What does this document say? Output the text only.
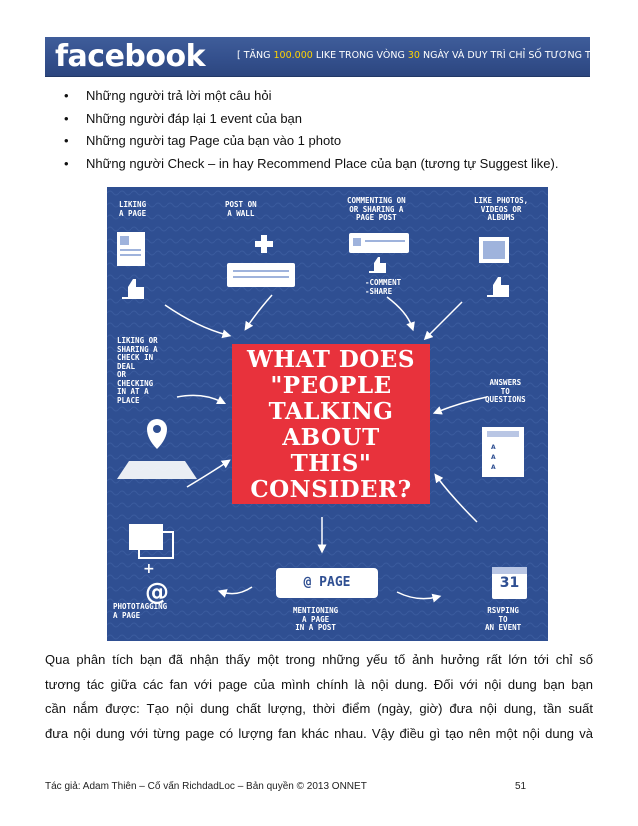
facebook	[ TĂNG 100.000 LIKE TRONG VÒNG 30 NGÀY VÀ DUY TRÌ CHỈ SỐ TƯƠNG TÁC CAO ]
• Những người trả lời một câu hỏi
• Những người đáp lại 1 event của bạn
• Những người tag Page của bạn vào 1 photo
• Những người Check – in hay Recommend Place của bạn (tương tự Suggest like).
A
A
A
@
+
LIKING
A PAGE
POST ON
A WALL
COMMENTING ON
OR SHARING A
PAGE POST
LIKE PHOTOS,
VIDEOS OR
ALBUMS
-COMMENT
-SHARE
LIKING OR
SHARING A
CHECK IN
DEAL
OR
CHECKING
IN AT A
PLACE
ANSWERS
TO
QUESTIONS
PHOTOTAGGING
A PAGE	MENTIONING
A PAGE
IN A POST
RSVPING
TO
AN EVENT
WHAT DOES
"PEOPLE
TALKING
ABOUT
THIS"
CONSIDER?
@ PAGE	31

Qua phân tích bạn đã nhận thấy một trong những yếu tố ảnh hưởng rất lớn tới chỉ số

tương tác giữa các fan với page của mình chính là nội dung. Đối với nội dung bạn bạn

cần nắm được: Tạo nội dung chất lượng, thời điểm (ngày, giờ) đưa nội dung, tần suất

đưa nội dung với từng page có lượng fan khác nhau. Vậy điều gì tạo nên một nội dung và

Tác giả: Adam Thiên – Cố vấn RichdadLoc – Bản quyền © 2013 ONNET	51
